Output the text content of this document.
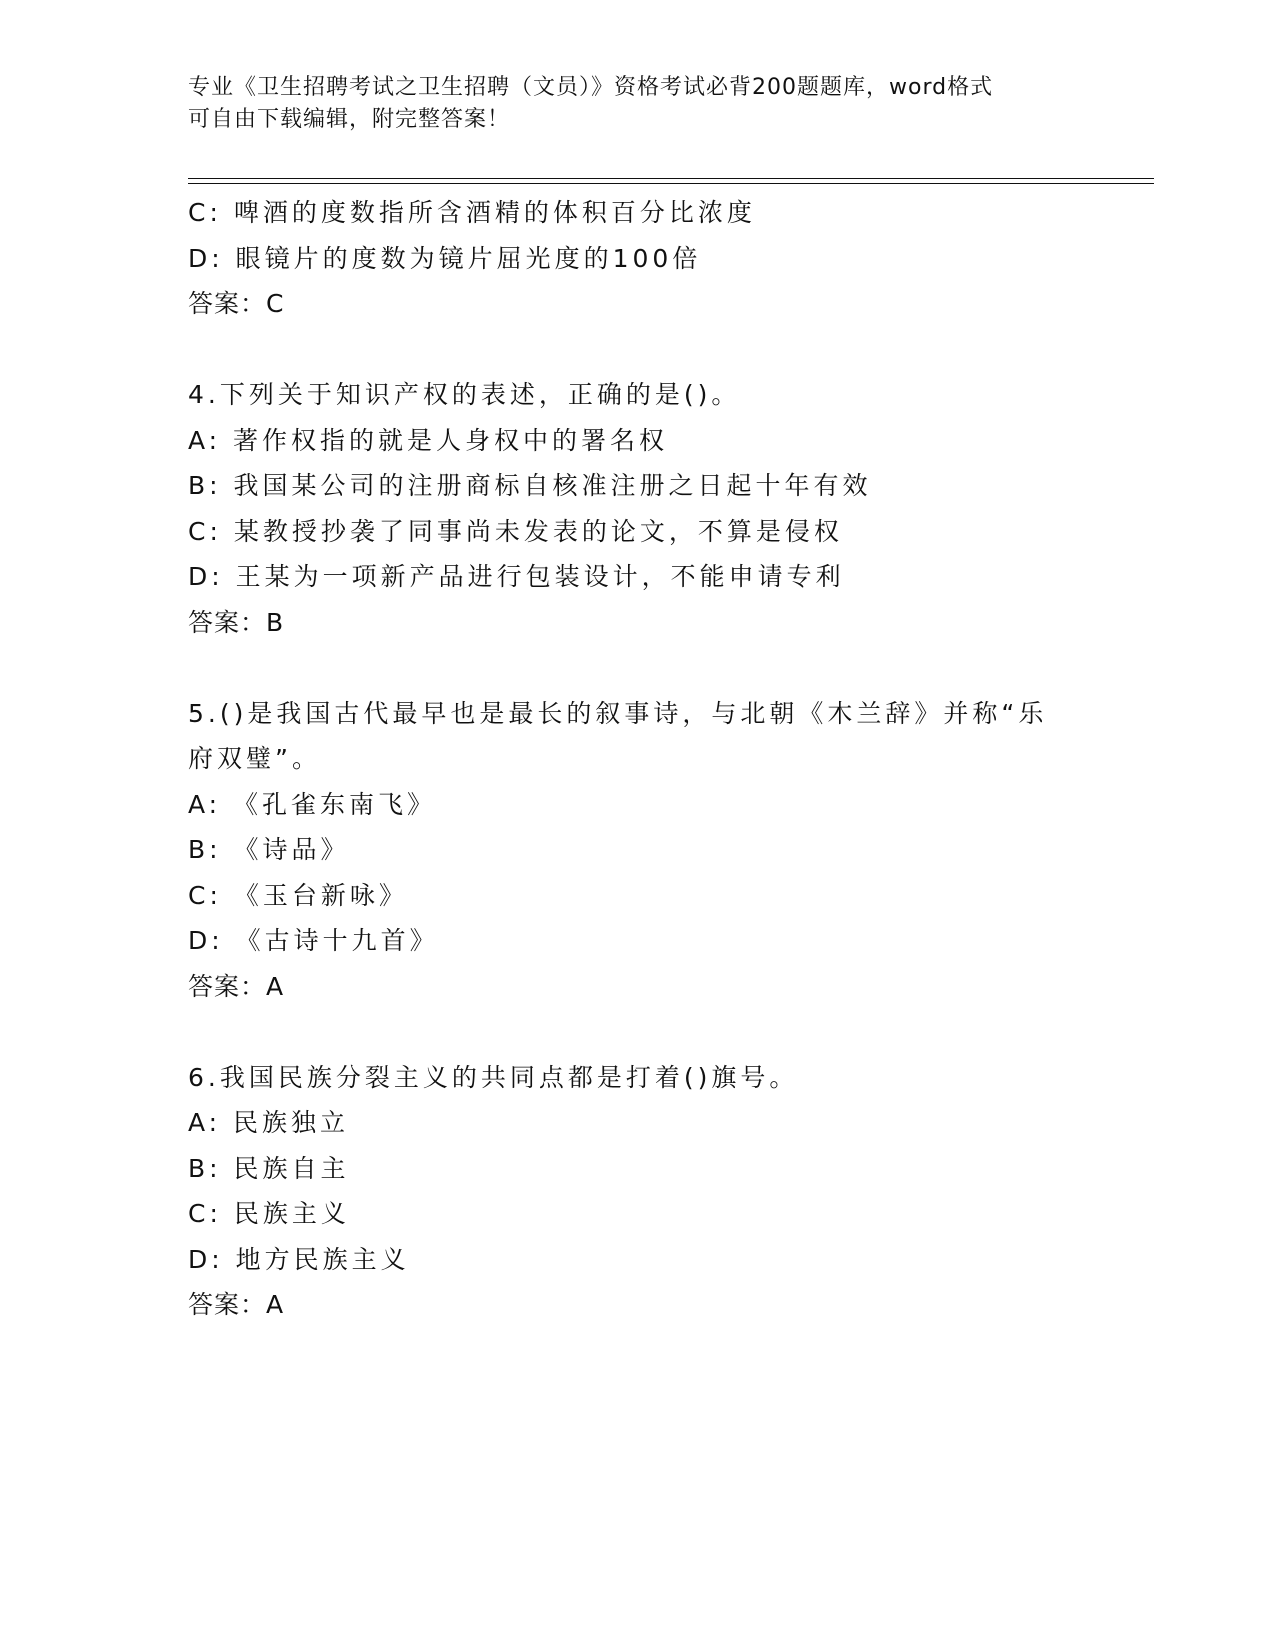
专业《卫生招聘考试之卫生招聘（文员）》资格考试必背200题题库，word格式
可自由下载编辑，附完整答案！
C: 啤酒的度数指所含酒精的体积百分比浓度
D: 眼镜片的度数为镜片屈光度的100倍
答案：C
4.下列关于知识产权的表述，正确的是()。
A: 著作权指的就是人身权中的署名权
B: 我国某公司的注册商标自核准注册之日起十年有效
C: 某教授抄袭了同事尚未发表的论文，不算是侵权
D: 王某为一项新产品进行包装设计，不能申请专利
答案：B
5.()是我国古代最早也是最长的叙事诗，与北朝《木兰辞》并称“乐
府双璧”。
A: 《孔雀东南飞》
B: 《诗品》
C: 《玉台新咏》
D: 《古诗十九首》
答案：A
6.我国民族分裂主义的共同点都是打着()旗号。
A: 民族独立
B: 民族自主
C: 民族主义
D: 地方民族主义
答案：A
